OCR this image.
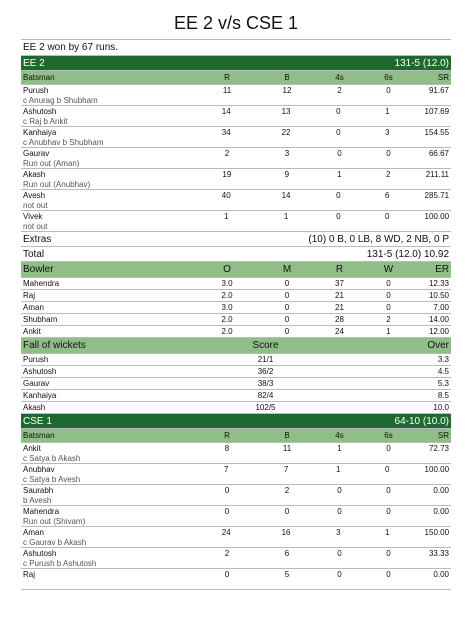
EE 2 v/s CSE 1
EE 2 won by 67 runs.
EE 2	131-5 (12.0)
Batsman	R	B	4s	6s	SR
Purush
c Anurag b Shubham
11	12	2	0	91.67
Ashutosh
c Raj b Ankit
14	13	0	1	107.69
Kanhaiya
c Anubhav b Shubham
34	22	0	3	154.55
Gaurav
Run out (Aman)
2	3	0	0	66.67
Akash
Run out (Anubhav)
19	9	1	2	211.11
Avesh
not out
40	14	0	6	285.71
Vivek
not out
1	1	0	0	100.00
Extras	(10) 0 B, 0 LB, 8 WD, 2 NB, 0 P
Total	131-5 (12.0) 10.92
Bowler	O	M	R	W	ER
Mahendra	3.0	0	37	0	12.33
Raj	2.0	0	21	0	10.50
Aman	3.0	0	21	0	7.00
Shubham	2.0	0	28	2	14.00
Ankit	2.0	0	24	1	12.00
Fall of wickets	Score	Over
Purush	21/1	3.3
Ashutosh	36/2	4.5
Gaurav	38/3	5.3
Kanhaiya	82/4	8.5
Akash	102/5	10.0
CSE 1	64-10 (10.0)
Batsman	R	B	4s	6s	SR
Ankit
c Satya b Akash
8	11	1	0	72.73
Anubhav
c Satya b Avesh
7	7	1	0	100.00
Saurabh
b Avesh
0	2	0	0	0.00
Mahendra
Run out (Shivam)
0	0	0	0	0.00
Aman
c Gaurav b Akash
24	16	3	1	150.00
Ashutosh
c Purush b Ashutosh
2	6	0	0	33.33
Raj	0	5	0	0	0.00
